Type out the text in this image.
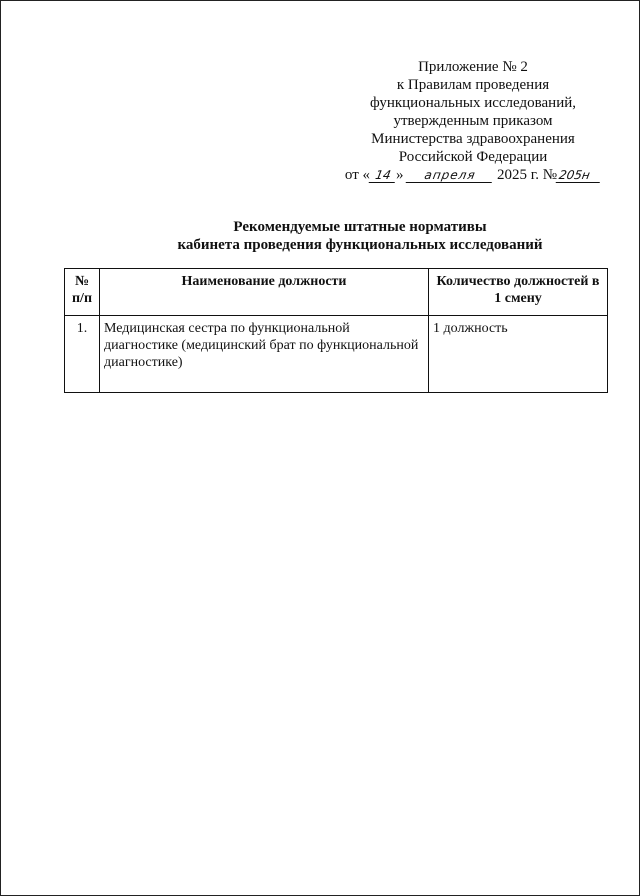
Приложение № 2
к Правилам проведения
функциональных исследований,
утвержденным приказом
Министерства здравоохранения
Российской Федерации
от « 14 » апреля 2025 г. №205н
Рекомендуемые штатные нормативы
кабинета проведения функциональных исследований
№ п/п	Наименование должности	Количество должностей в 1 смену
1.	Медицинская сестра по функциональной диагностике (медицинский брат по функциональной диагностике)	1 должность
